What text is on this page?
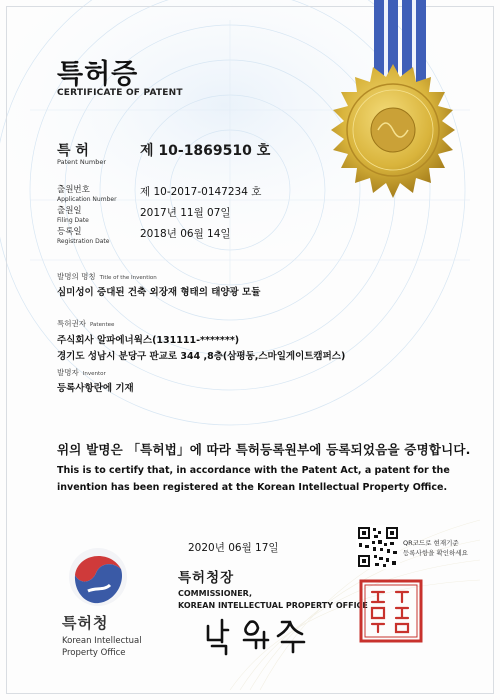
특허증
CERTIFICATE OF PATENT
특 허
Patent Number
제 10-1869510 호
출원번호
Application Number
제 10-2017-0147234 호
출원일
Filing Date
2017년 11월 07일
등록일
Registration Date
2018년 06월 14일
발명의 명칭 Title of the Invention
심미성이 증대된 건축 외장재 형태의 태양광 모듈
특허권자 Patentee
주식회사 알파에너웍스(131111-*******)
경기도 성남시 분당구 판교로 344 ,8층(삼평동,스마일게이트캠퍼스)
발명자 Inventor
등록사항란에 기재
위의 발명은 「특허법」에 따라 특허등록원부에 등록되었음을 증명합니다.
This is to certify that, in accordance with the Patent Act, a patent for the invention has been registered at the Korean Intellectual Property Office.
2020년 06월 17일	QR코드로 현재기준
등록사항을 확인하세요
특허청장
COMMISSIONER,
KOREAN INTELLECTUAL PROPERTY OFFICE
특허청
Korean Intellectual
Property Office
